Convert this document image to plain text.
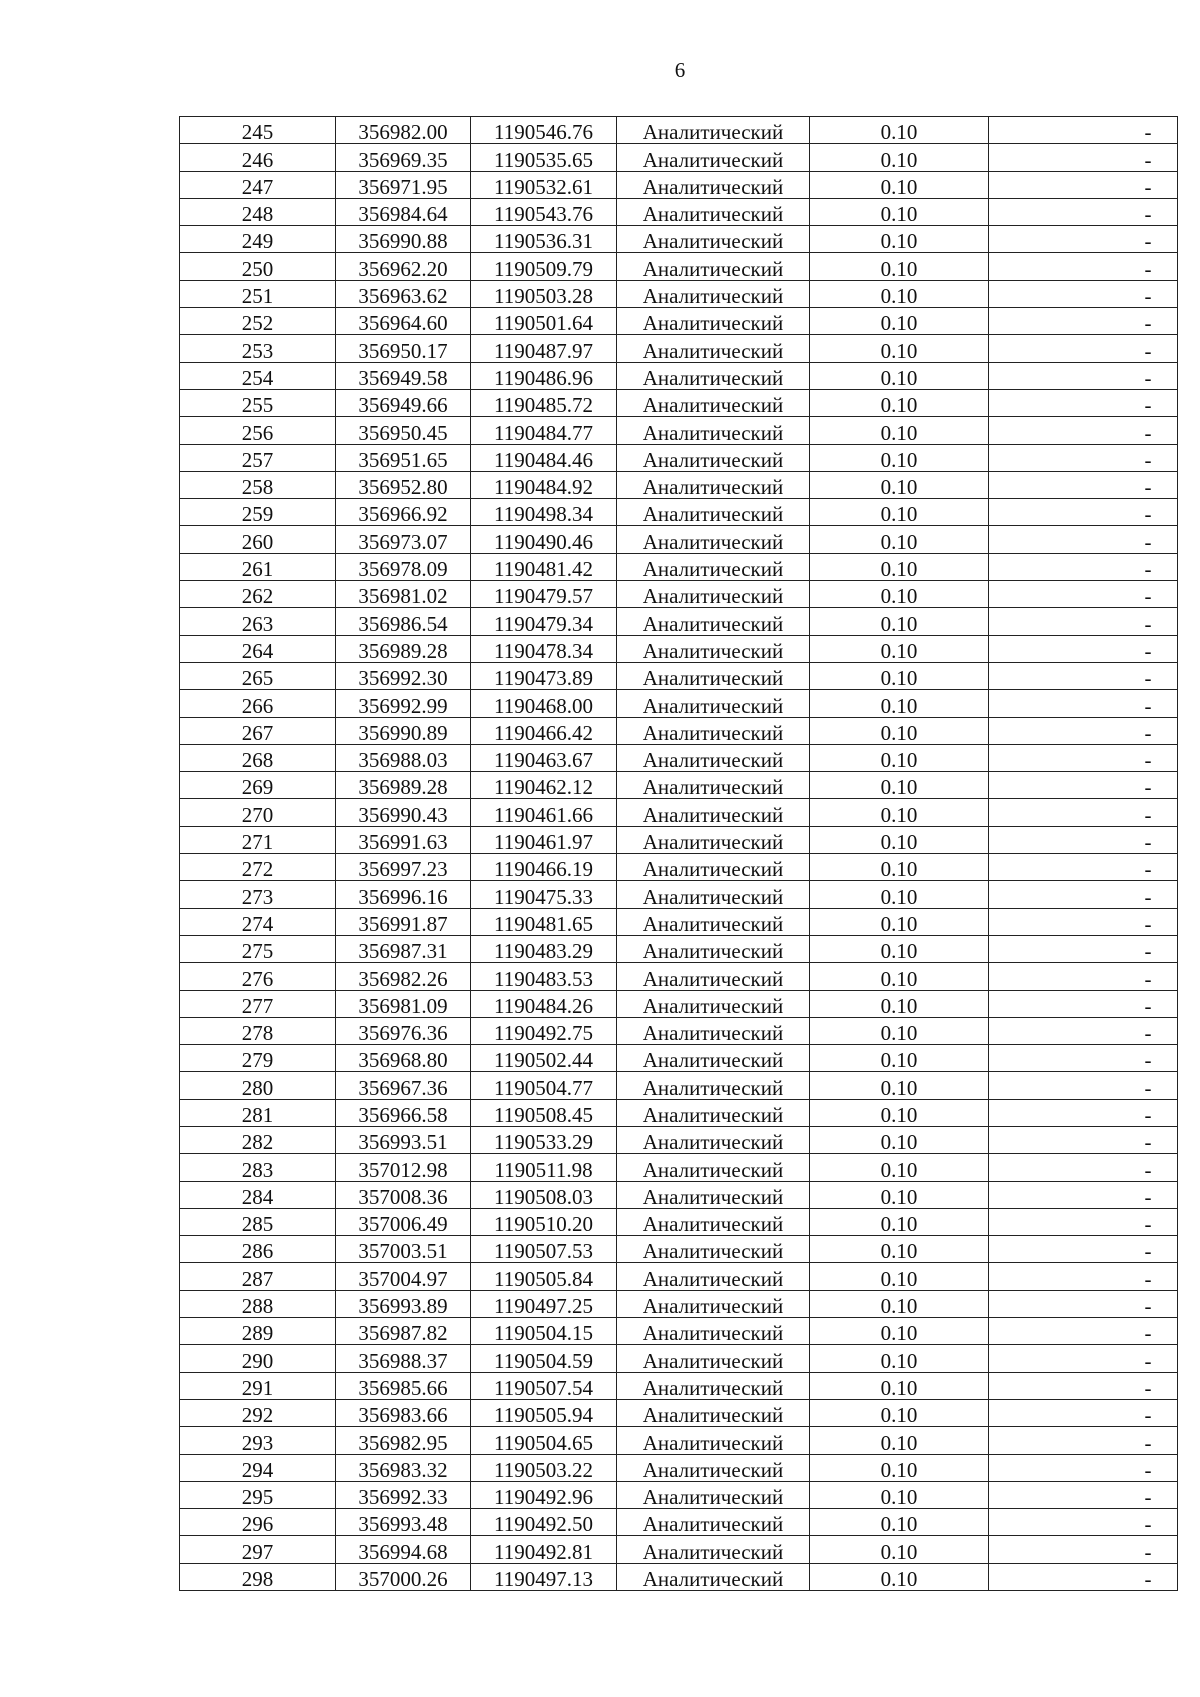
6
245	356982.00	1190546.76	Аналитический	0.10	-
246	356969.35	1190535.65	Аналитический	0.10	-
247	356971.95	1190532.61	Аналитический	0.10	-
248	356984.64	1190543.76	Аналитический	0.10	-
249	356990.88	1190536.31	Аналитический	0.10	-
250	356962.20	1190509.79	Аналитический	0.10	-
251	356963.62	1190503.28	Аналитический	0.10	-
252	356964.60	1190501.64	Аналитический	0.10	-
253	356950.17	1190487.97	Аналитический	0.10	-
254	356949.58	1190486.96	Аналитический	0.10	-
255	356949.66	1190485.72	Аналитический	0.10	-
256	356950.45	1190484.77	Аналитический	0.10	-
257	356951.65	1190484.46	Аналитический	0.10	-
258	356952.80	1190484.92	Аналитический	0.10	-
259	356966.92	1190498.34	Аналитический	0.10	-
260	356973.07	1190490.46	Аналитический	0.10	-
261	356978.09	1190481.42	Аналитический	0.10	-
262	356981.02	1190479.57	Аналитический	0.10	-
263	356986.54	1190479.34	Аналитический	0.10	-
264	356989.28	1190478.34	Аналитический	0.10	-
265	356992.30	1190473.89	Аналитический	0.10	-
266	356992.99	1190468.00	Аналитический	0.10	-
267	356990.89	1190466.42	Аналитический	0.10	-
268	356988.03	1190463.67	Аналитический	0.10	-
269	356989.28	1190462.12	Аналитический	0.10	-
270	356990.43	1190461.66	Аналитический	0.10	-
271	356991.63	1190461.97	Аналитический	0.10	-
272	356997.23	1190466.19	Аналитический	0.10	-
273	356996.16	1190475.33	Аналитический	0.10	-
274	356991.87	1190481.65	Аналитический	0.10	-
275	356987.31	1190483.29	Аналитический	0.10	-
276	356982.26	1190483.53	Аналитический	0.10	-
277	356981.09	1190484.26	Аналитический	0.10	-
278	356976.36	1190492.75	Аналитический	0.10	-
279	356968.80	1190502.44	Аналитический	0.10	-
280	356967.36	1190504.77	Аналитический	0.10	-
281	356966.58	1190508.45	Аналитический	0.10	-
282	356993.51	1190533.29	Аналитический	0.10	-
283	357012.98	1190511.98	Аналитический	0.10	-
284	357008.36	1190508.03	Аналитический	0.10	-
285	357006.49	1190510.20	Аналитический	0.10	-
286	357003.51	1190507.53	Аналитический	0.10	-
287	357004.97	1190505.84	Аналитический	0.10	-
288	356993.89	1190497.25	Аналитический	0.10	-
289	356987.82	1190504.15	Аналитический	0.10	-
290	356988.37	1190504.59	Аналитический	0.10	-
291	356985.66	1190507.54	Аналитический	0.10	-
292	356983.66	1190505.94	Аналитический	0.10	-
293	356982.95	1190504.65	Аналитический	0.10	-
294	356983.32	1190503.22	Аналитический	0.10	-
295	356992.33	1190492.96	Аналитический	0.10	-
296	356993.48	1190492.50	Аналитический	0.10	-
297	356994.68	1190492.81	Аналитический	0.10	-
298	357000.26	1190497.13	Аналитический	0.10	-
